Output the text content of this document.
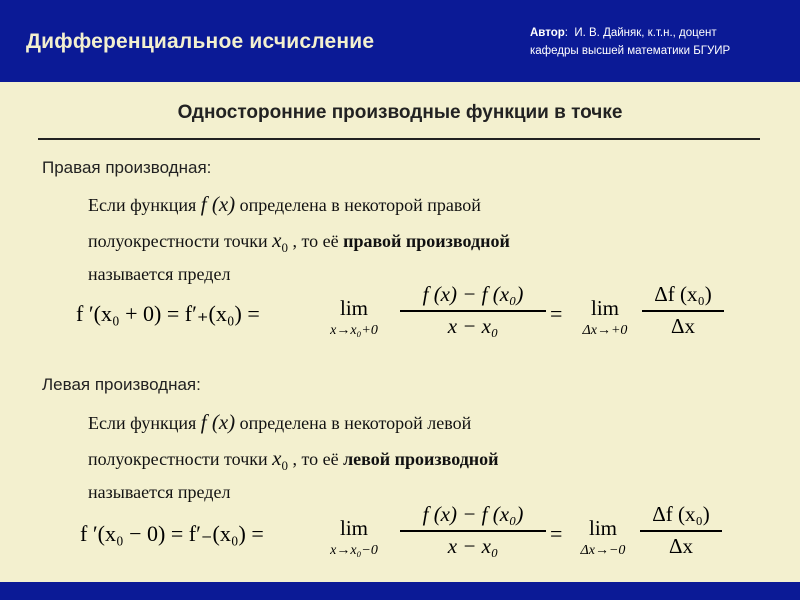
Дифференциальное исчисление	Автор:  И. В. Дайняк, к.т.н., доцент
кафедры высшей математики БГУИР
Односторонние производные функции в точке
Правая производная:
Если функция f (x) определена в некоторой правой
полуокрестности точки $x_0$ , то её правой производной
называется предел
f ′(x₀ + 0) = f′₊(x₀) =	lim
x→x₀+0
f (x) − f (x₀)
x − x₀	=	lim
Δx→+0
Δf (x₀)
Δx
Левая производная:
Если функция f (x) определена в некоторой левой
полуокрестности точки $x_0$ , то её левой производной
называется предел
f ′(x₀ − 0) = f′₋(x₀) =	lim
x→x₀−0
f (x) − f (x₀)
x − x₀	=	lim
Δx→−0
Δf (x₀)
Δx
